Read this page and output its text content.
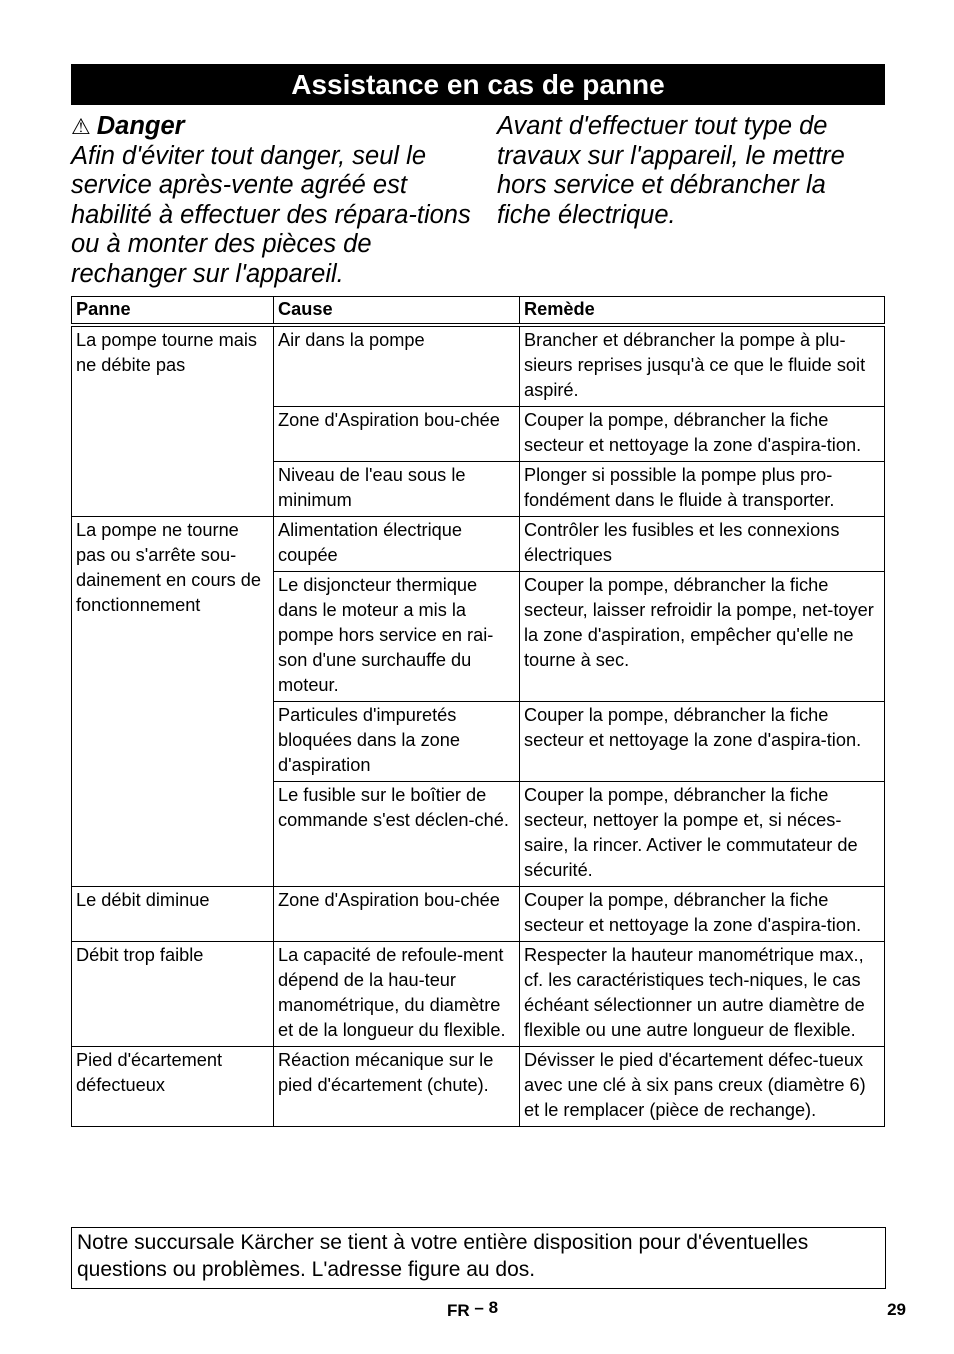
Assistance en cas de panne
⚠ Danger
Afin d'éviter tout danger, seul le service après-vente agréé est habilité à effectuer des répara-tions ou à monter des pièces de rechanger sur l'appareil.
Avant d'effectuer tout type de travaux sur l'appareil, le mettre hors service et débrancher la fiche électrique.
Panne	Cause	Remède
La pompe tourne mais ne débite pas	Air dans la pompe	Brancher et débrancher la pompe à plu-sieurs reprises jusqu'à ce que le fluide soit aspiré.
	Zone d'Aspiration bou-chée	Couper la pompe, débrancher la fiche secteur et nettoyage la zone d'aspira-tion.
	Niveau de l'eau sous le minimum	Plonger si possible la pompe plus pro-fondément dans le fluide à transporter.
La pompe ne tourne pas ou s'arrête sou-dainement en cours de fonctionnement	Alimentation électrique coupée	Contrôler les fusibles et les connexions électriques
	Le disjoncteur thermique dans le moteur a mis la pompe hors service en rai-son d'une surchauffe du moteur.	Couper la pompe, débrancher la fiche secteur, laisser refroidir la pompe, net-toyer la zone d'aspiration, empêcher qu'elle ne tourne à sec.
	Particules d'impuretés bloquées dans la zone d'aspiration	Couper la pompe, débrancher la fiche secteur et nettoyage la zone d'aspira-tion.
	Le fusible sur le boîtier de commande s'est déclen-ché.	Couper la pompe, débrancher la fiche secteur, nettoyer la pompe et, si néces-saire, la rincer. Activer le commutateur de sécurité.
Le débit diminue	Zone d'Aspiration bou-chée	Couper la pompe, débrancher la fiche secteur et nettoyage la zone d'aspira-tion.
Débit trop faible	La capacité de refoule-ment dépend de la hau-teur manométrique, du diamètre et de la longueur du flexible.	Respecter la hauteur manométrique max., cf. les caractéristiques tech-niques, le cas échéant sélectionner un autre diamètre de flexible ou une autre longueur de flexible.
Pied d'écartement défectueux	Réaction mécanique sur le pied d'écartement (chute).	Dévisser le pied d'écartement défec-tueux avec une clé à six pans creux (diamètre 6) et le remplacer (pièce de rechange).
Notre succursale Kärcher se tient à votre entière disposition pour d'éventuelles questions ou problèmes. L'adresse figure au dos.
FR – 8	29
